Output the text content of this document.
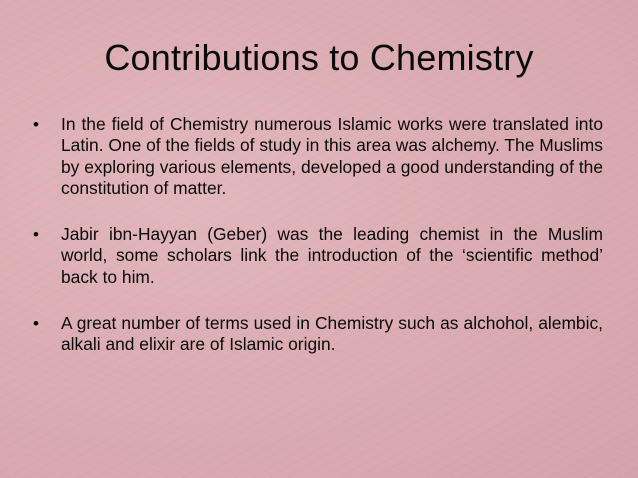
Contributions to Chemistry
• In the field of Chemistry numerous Islamic works were translated into Latin. One of the fields of study in this area was alchemy. The Muslims by exploring various elements, developed a good understanding of the constitution of matter.
• Jabir ibn-Hayyan (Geber) was the leading chemist in the Muslim world, some scholars link the introduction of the ‘scientific method’ back to him.
• A great number of terms used in Chemistry such as alchohol, alembic, alkali and elixir are of Islamic origin.
